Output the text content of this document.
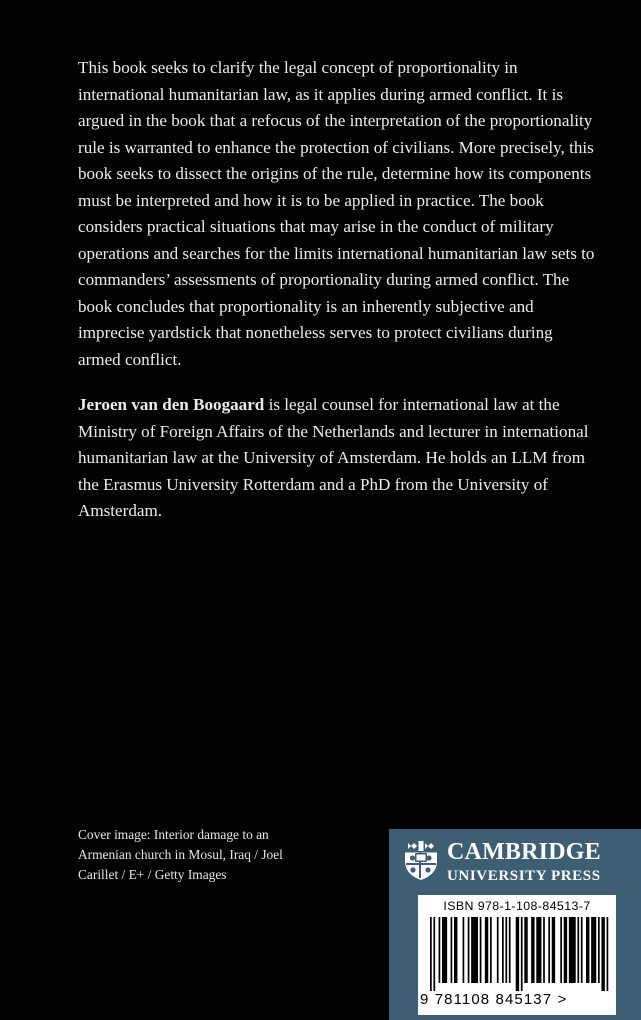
This book seeks to clarify the legal concept of proportionality in international humanitarian law, as it applies during armed conflict. It is argued in the book that a refocus of the interpretation of the proportionality rule is warranted to enhance the protection of civilians. More precisely, this book seeks to dissect the origins of the rule, determine how its components must be interpreted and how it is to be applied in practice. The book considers practical situations that may arise in the conduct of military operations and searches for the limits international humanitarian law sets to commanders’ assessments of proportionality during armed conflict. The book concludes that proportionality is an inherently subjective and imprecise yardstick that nonetheless serves to protect civilians during armed conflict.

Jeroen van den Boogaard is legal counsel for international law at the Ministry of Foreign Affairs of the Netherlands and lecturer in international humanitarian law at the University of Amsterdam. He holds an LLM from the Erasmus University Rotterdam and a PhD from the University of Amsterdam.

Cover image: Interior damage to an Armenian church in Mosul, Iraq / Joel Carillet / E+ / Getty Images

CAMBRIDGE
UNIVERSITY PRESS
ISBN 978-1-108-84513-7
9 781108 845137 >
